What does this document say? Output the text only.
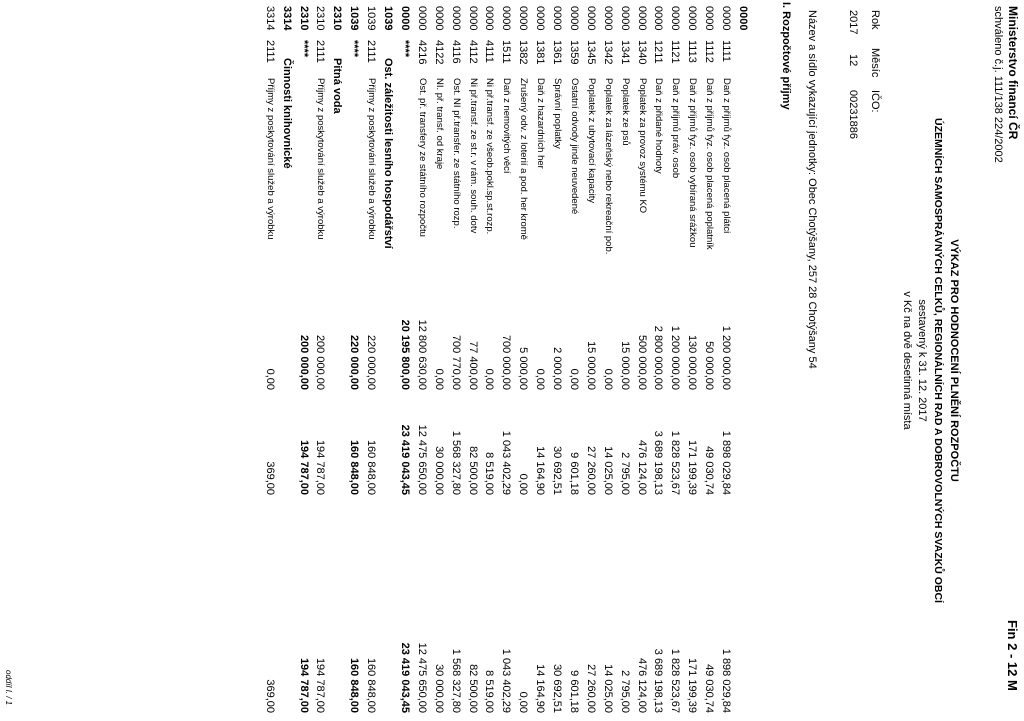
Ministerstvo financí ČR
schváleno č.j. 111/138 224/2002
Fin 2 - 12 M
VÝKAZ PRO HODNOCENÍ PLNĚNÍ ROZPOČTU
ÚZEMNÍCH SAMOSPRÁVNÝCH CELKŮ, REGIONÁLNÍCH RAD A DOBROVOLNÝCH SVAZKŮ OBCÍ
sestavený k 31. 12. 2017
v Kč na dvě desetinná místa
Rok
Měsíc
IČO:
2017
12
00231886
Název a sídlo vykazující jednotky: Obec Chotýšany, 257 28 Chotýšany 54
I. Rozpočtové příjmy
0000
0000
1111
Daň z příjmů fyz. osob placená plátci
1 200 000,00
1 898 029,84
1 898 029,84
0000
1112
Daň z příjmů fyz. osob placená poplatník
50 000,00
49 030,74
49 030,74
0000
1113
Daň z příjmů fyz. osob vybíraná srážkou
130 000,00
171 199,39
171 199,39
0000
1121
Daň z příjmů práv. osob
1 200 000,00
1 828 523,67
1 828 523,67
0000
1211
Daň z přidané hodnoty
2 800 000,00
3 689 198,13
3 689 198,13
0000
1340
Poplatek za provoz systému KO
500 000,00
476 124,00
476 124,00
0000
1341
Poplatek ze psů
15 000,00
2 795,00
2 795,00
0000
1342
Poplatek za lázeňský nebo rekreační pob.
0,00
14 025,00
14 025,00
0000
1345
Poplatek z ubytovací kapacity
15 000,00
27 260,00
27 260,00
0000
1359
Ostatní odvody jinde neuvedené
0,00
9 601,18
9 601,18
0000
1361
Správní poplatky
2 000,00
30 692,51
30 692,51
0000
1381
Daň z hazardních her
0,00
14 164,90
14 164,90
0000
1382
Zrušený odv. z loterií a pod. her kromě
5 000,00
0,00
0,00
0000
1511
Daň z nemovitých věcí
700 000,00
1 043 402,29
1 043 402,29
0000
4111
Ni př.transf. ze všeob.pokl.sp.st.rozp.
0,00
8 519,00
8 519,00
0000
4112
Ni př.transf. ze st.r. v rám. souh. dotv
77 400,00
82 500,00
82 500,00
0000
4116
Ost. NI př.transfer. ze státního rozp.
700 770,00
1 568 327,80
1 568 327,80
0000
4122
NI. př. transf. od kraje
0,00
30 000,00
30 000,00
0000
4216
Ost. př. transfery ze státního rozpočtu
12 800 630,00
12 475 650,00
12 475 650,00
0000
****
20 195 800,00
23 419 043,45
23 419 043,45
1039
Ost. záležitosti lesního hospodářství
1039
2111
Příjmy z poskytování služeb a výrobku
220 000,00
160 848,00
160 848,00
1039
****
220 000,00
160 848,00
160 848,00
2310
Pitná voda
2310
2111
Příjmy z poskytování služeb a výrobku
200 000,00
194 787,00
194 787,00
2310
****
200 000,00
194 787,00
194 787,00
3314
Činnosti knihovnické
3314
2111
Příjmy z poskytování služeb a výrobku
0,00
369,00
369,00
oddíl I. / 1
